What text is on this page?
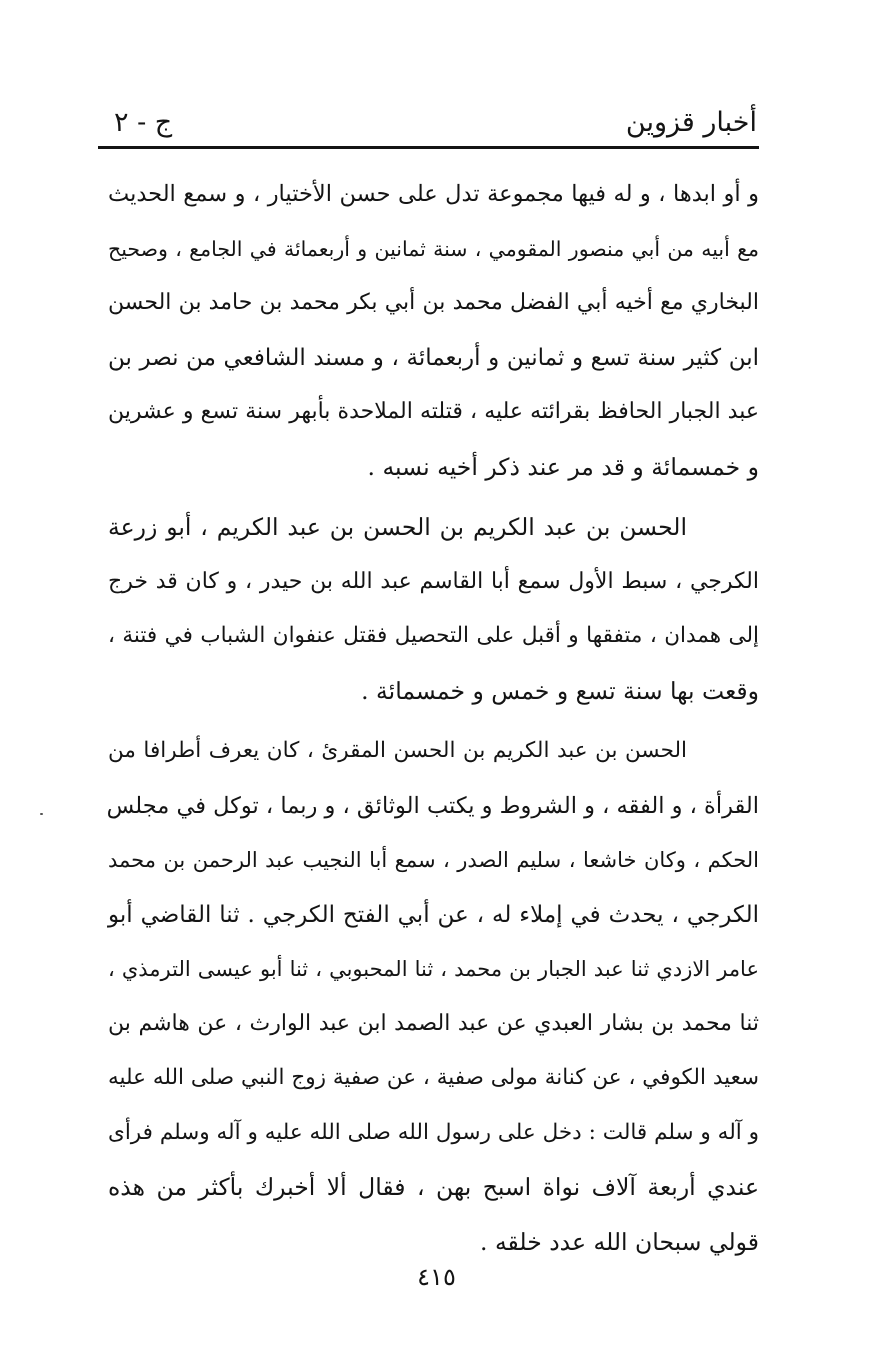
أخبار قزوين
ج - ٢
و أو ابدها ، و له فيها مجموعة تدل على حسن الأختيار ، و سمع الحديث
مع أبيه من أبي منصور المقومي ، سنة ثمانين و أربعمائة في الجامع ، وصحيح
البخاري مع أخيه أبي الفضل محمد بن أبي بكر محمد بن حامد بن الحسن
ابن كثير سنة تسع و ثمانين و أربعمائة ، و مسند الشافعي من نصر بن
عبد الجبار الحافظ بقرائته عليه ، قتلته الملاحدة بأبهر سنة تسع و عشرين
و خمسمائة و قد مر عند ذكر أخيه نسبه .
الحسن بن عبد الكريم بن الحسن بن عبد الكريم ، أبو زرعة
الكرجي ، سبط الأول سمع أبا القاسم عبد الله بن حيدر ، و كان قد خرج
إلى همدان ، متفقها و أقبل على التحصيل فقتل عنفوان الشباب في فتنة ،
وقعت بها سنة تسع و خمس و خمسمائة .
الحسن بن عبد الكريم بن الحسن المقرئ ، كان يعرف أطرافا من
القرأة ، و الفقه ، و الشروط و يكتب الوثائق ، و ربما ، توكل في مجلس
الحكم ، وكان خاشعا ، سليم الصدر ، سمع أبا النجيب عبد الرحمن بن محمد
الكرجي ، يحدث في إملاء له ، عن أبي الفتح الكرجي . ثنا القاضي أبو
عامر الازدي ثنا عبد الجبار بن محمد ، ثنا المحبوبي ، ثنا أبو عيسى الترمذي ،
ثنا محمد بن بشار العبدي عن عبد الصمد ابن عبد الوارث ، عن هاشم بن
سعيد الكوفي ، عن كنانة مولى صفية ، عن صفية زوج النبي صلى الله عليه
و آله و سلم قالت : دخل على رسول الله صلى الله عليه و آله وسلم فرأى
عندي أربعة آلاف نواة اسبح بهن ، فقال ألا أخبرك بأكثر من هذه
قولي سبحان الله عدد خلقه .
٤١٥
